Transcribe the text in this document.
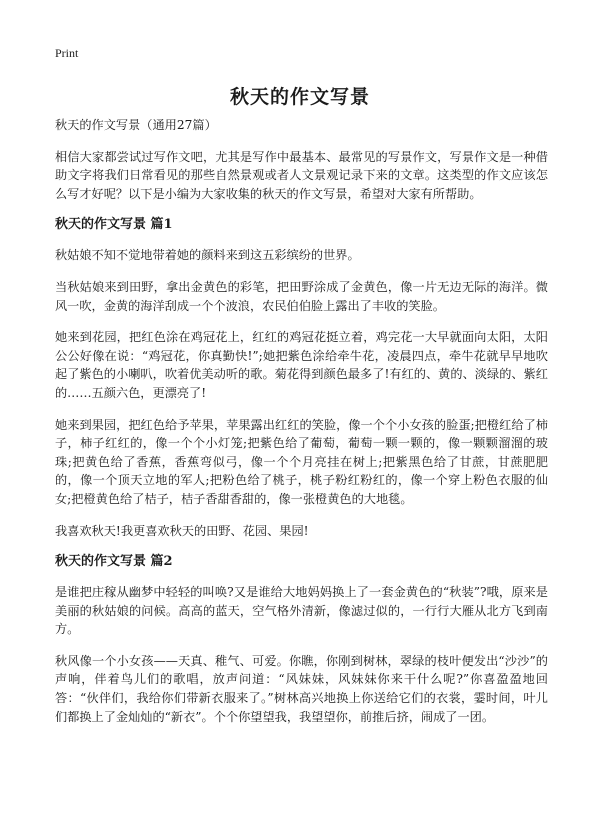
Print
秋天的作文写景

秋天的作文写景（通用27篇）

相信大家都尝试过写作文吧，尤其是写作中最基本、最常见的写景作文，写景作文是一种借助文字将我们日常看见的那些自然景观或者人文景观记录下来的文章。这类型的作文应该怎么写才好呢？以下是小编为大家收集的秋天的作文写景，希望对大家有所帮助。

秋天的作文写景 篇1

秋姑娘不知不觉地带着她的颜料来到这五彩缤纷的世界。

当秋姑娘来到田野，拿出金黄色的彩笔，把田野涂成了金黄色，像一片无边无际的海洋。微风一吹，金黄的海洋刮成一个个波浪，农民伯伯脸上露出了丰收的笑脸。

她来到花园，把红色涂在鸡冠花上，红红的鸡冠花挺立着，鸡完花一大早就面向太阳，太阳公公好像在说：“鸡冠花，你真勤快!”;她把紫色涂给牵牛花，凌晨四点，牵牛花就早早地吹起了紫色的小喇叭，吹着优美动听的歌。菊花得到颜色最多了!有红的、黄的、淡绿的、紫红的……五颜六色，更漂亮了!

她来到果园，把红色给予苹果，苹果露出红红的笑脸，像一个个小女孩的脸蛋;把橙红给了柿子，柿子红红的，像一个个小灯笼;把紫色给了葡萄，葡萄一颗一颗的，像一颗颗溜溜的玻珠;把黄色给了香蕉，香蕉弯似弓，像一个个月亮挂在树上;把紫黑色给了甘蔗，甘蔗肥肥的，像一个顶天立地的军人;把粉色给了桃子，桃子粉红粉红的，像一个穿上粉色衣服的仙女;把橙黄色给了桔子，桔子香甜香甜的，像一张橙黄色的大地毯。

我喜欢秋天!我更喜欢秋天的田野、花园、果园!

秋天的作文写景 篇2

是谁把庄稼从幽梦中轻轻的叫唤?又是谁给大地妈妈换上了一套金黄色的“秋装”?哦，原来是美丽的秋姑娘的问候。高高的蓝天，空气格外清新，像滤过似的，一行行大雁从北方飞到南方。

秋风像一个小女孩——天真、稚气、可爱。你瞧，你刚到树林，翠绿的枝叶便发出“沙沙”的声响，伴着鸟儿们的歌唱，放声问道：“风妹妹，风妹妹你来干什么呢?”你喜盈盈地回答：“伙伴们，我给你们带新衣服来了。”树林高兴地换上你送给它们的衣裳，霎时间，叶儿们都换上了金灿灿的“新衣”。个个你望望我，我望望你，前推后挤，闹成了一团。
